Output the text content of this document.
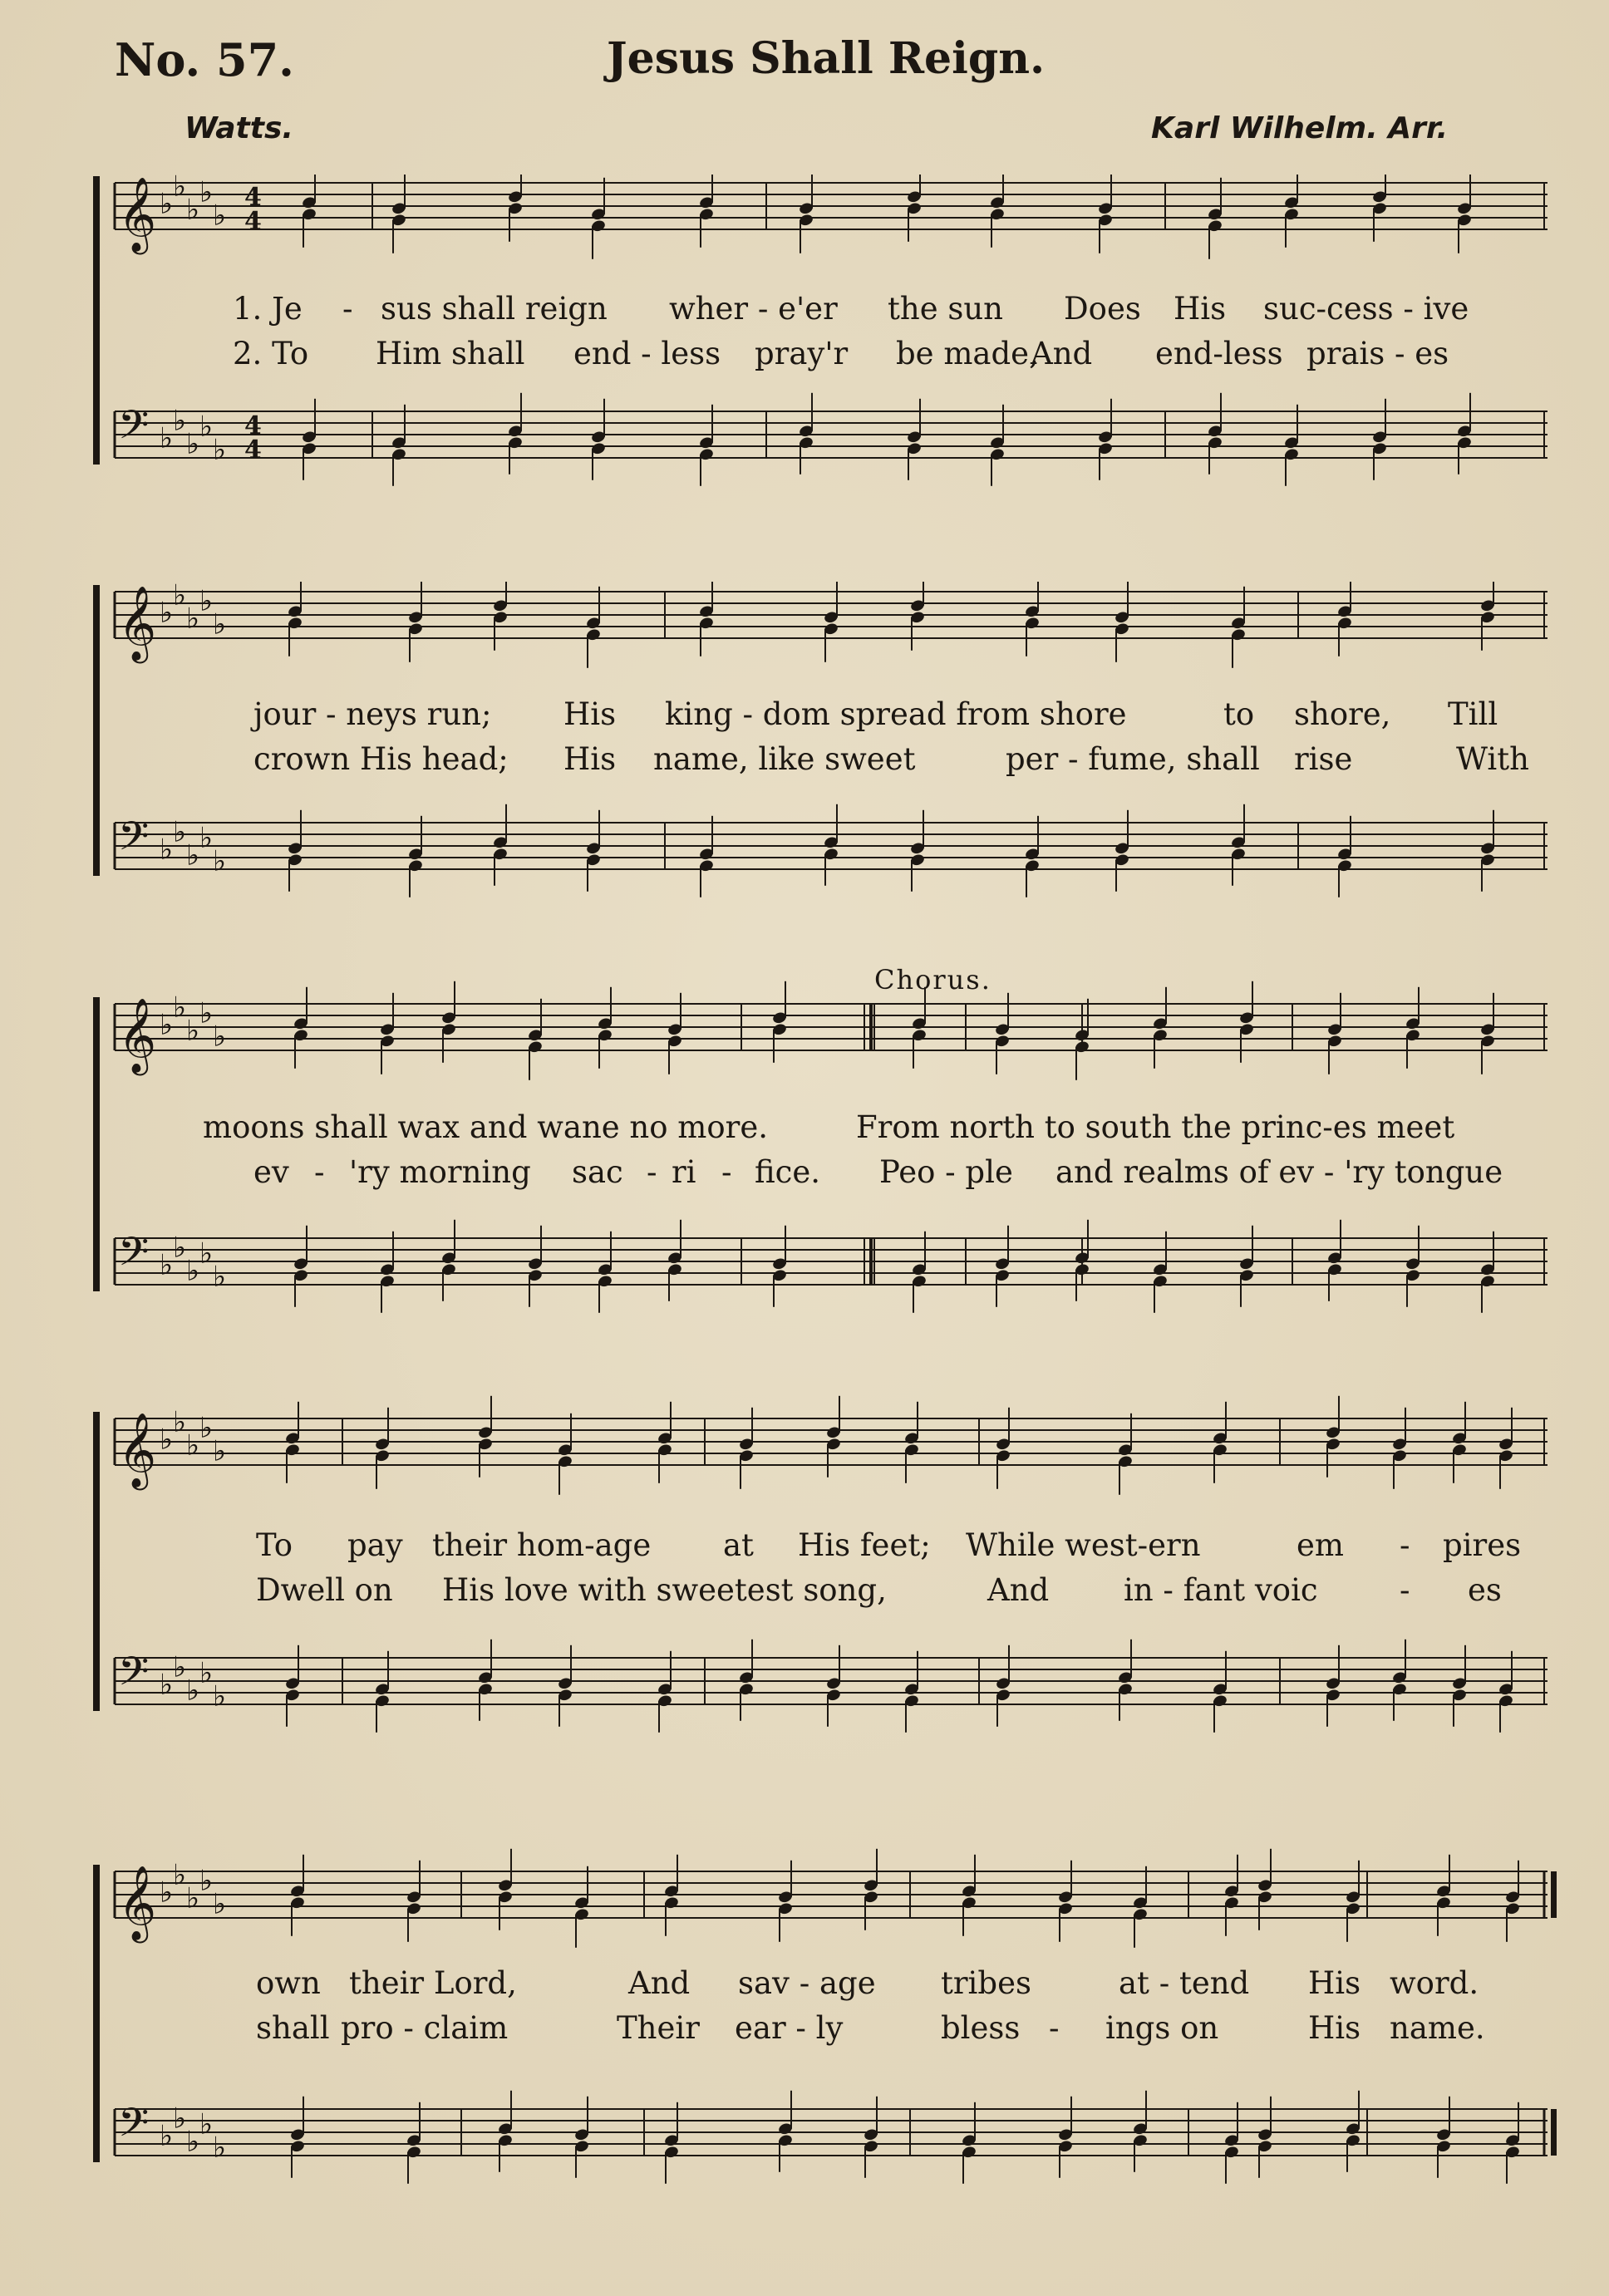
No. 57.	Jesus Shall Reign.
Watts.	Karl Wilhelm. Arr.
𝄞 ♭
♭
♭
♭
♭
4
4
𝄢 ♭
♭
♭
♭
♭
4
4
1. Je - sus shall reign wher - e'er the sun Does His suc-cess - ive
2. To Him shall end - less pray'r be made,
And end-less prais - es
𝄞 ♭
♭
♭
♭
♭
𝄢 ♭
♭
♭
♭
♭
jour - neys run; His king - dom spread from shore	to shore, Till
crown His head; His name, like sweet	per - fume, shall rise	With
𝄞 ♭
♭
♭
♭
♭
𝄢 ♭
♭
♭
♭
♭
Chorus.
moons shall wax and wane no more.	From north to south the princ-es meet
ev - 'ry morning sac - ri - fice. Peo - ple and realms of ev - 'ry tongue
𝄞 ♭
♭
♭
♭
♭
𝄢 ♭
♭
♭
♭
♭
To pay their hom-age at His feet; While west-ern	em - pires
Dwell on His love with sweetest song,	And in - fant voic	- es
𝄞 ♭
♭
♭
♭
♭
𝄢 ♭
♭
♭
♭
♭
own their Lord,	And sav - age tribes	at - tend His word.
shall pro - claim	Their ear - ly	bless - ings on	His name.
